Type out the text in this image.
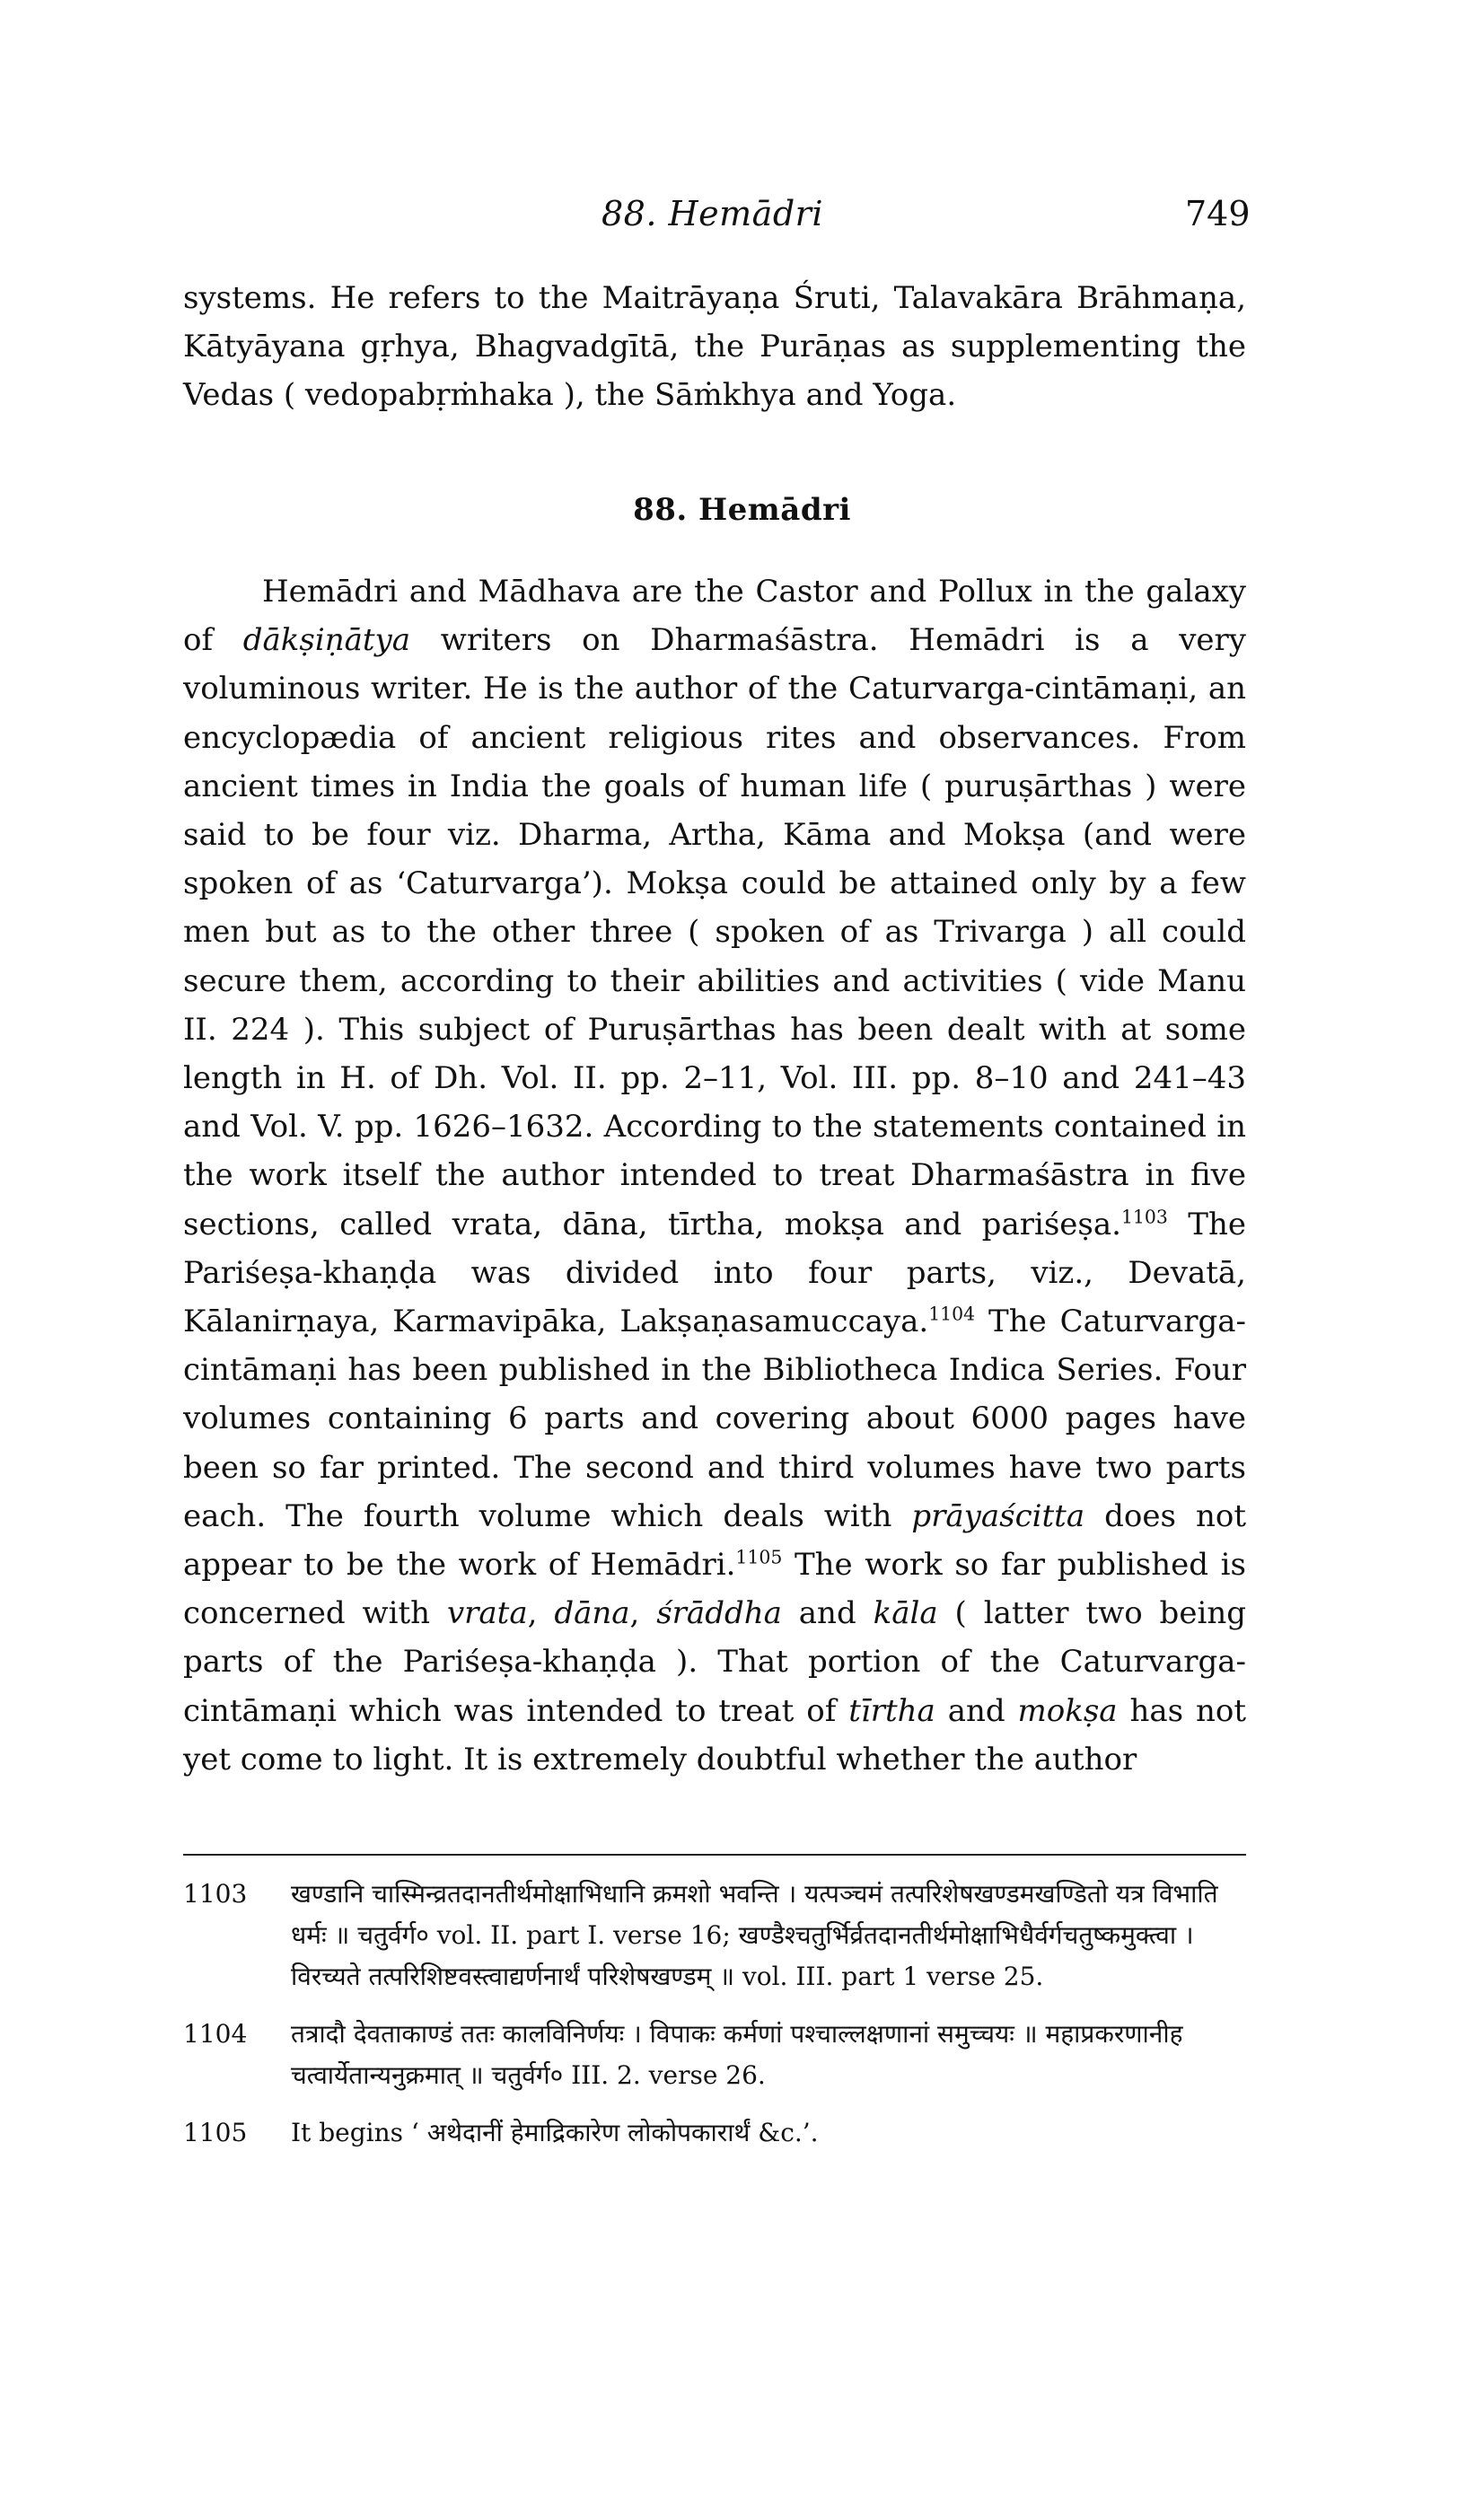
88. Hemādri	749

systems. He refers to the Maitrāyaṇa Śruti, Talavakāra Brāhmaṇa, Kātyāyana gṛhya, Bhagvadgītā, the Purāṇas as supplementing the Vedas ( vedopabṛṁhaka ), the Sāṁkhya and Yoga.

88. Hemādri

Hemādri and Mādhava are the Castor and Pollux in the galaxy of dākṣiṇātya writers on Dharmaśāstra. Hemādri is a very voluminous writer. He is the author of the Caturvarga-cintāmaṇi, an encyclopædia of ancient religious rites and observances. From ancient times in India the goals of human life ( puruṣārthas ) were said to be four viz. Dharma, Artha, Kāma and Mokṣa (and were spoken of as ‘Caturvarga’). Mokṣa could be attained only by a few men but as to the other three ( spoken of as Trivarga ) all could secure them, according to their abilities and activities ( vide Manu II. 224 ). This subject of Puruṣārthas has been dealt with at some length in H. of Dh. Vol. II. pp. 2–11, Vol. III. pp. 8–10 and 241–43 and Vol. V. pp. 1626–1632. According to the statements contained in the work itself the author intended to treat Dharmaśāstra in five sections, called vrata, dāna, tīrtha, mokṣa and pariśeṣa.$^{1103}$ The Pariśeṣa-khaṇḍa was divided into four parts, viz., Devatā, Kālanirṇaya, Karmavipāka, Lakṣaṇasamuccaya.$^{1104}$ The Caturvarga-cintāmaṇi has been published in the Bibliotheca Indica Series. Four volumes containing 6 parts and covering about 6000 pages have been so far printed. The second and third volumes have two parts each. The fourth volume which deals with prāyaścitta does not appear to be the work of Hemādri.$^{1105}$ The work so far published is concerned with vrata, dāna, śrāddha and kāla ( latter two being parts of the Pariśeṣa-khaṇḍa ). That portion of the Caturvarga-cintāmaṇi which was intended to treat of tīrtha and mokṣa has not yet come to light. It is extremely doubtful whether the author

1103	खण्डानि चास्मिन्व्रतदानतीर्थमोक्षाभिधानि क्रमशो भवन्ति । यत्पञ्चमं तत्परिशेषखण्डमखण्डितो यत्र विभाति धर्मः ॥ चतुर्वर्ग० vol. II. part I. verse 16; खण्डैश्चतुर्भिर्व्रतदानतीर्थमोक्षाभिधैर्वर्गचतुष्कमुक्त्वा । विरच्यते तत्परिशिष्टवस्त्वाद्यर्णनार्थं परिशेषखण्डम् ॥ vol. III. part 1 verse 25.
1104	तत्रादौ देवताकाण्डं ततः कालविनिर्णयः । विपाकः कर्मणां पश्चाल्लक्षणानां समुच्चयः ॥ महाप्रकरणानीह चत्वार्येतान्यनुक्रमात् ॥ चतुर्वर्ग० III. 2. verse 26.
1105	It begins ‘ अथेदानीं हेमाद्रिकारेण लोकोपकारार्थं &c.’.
